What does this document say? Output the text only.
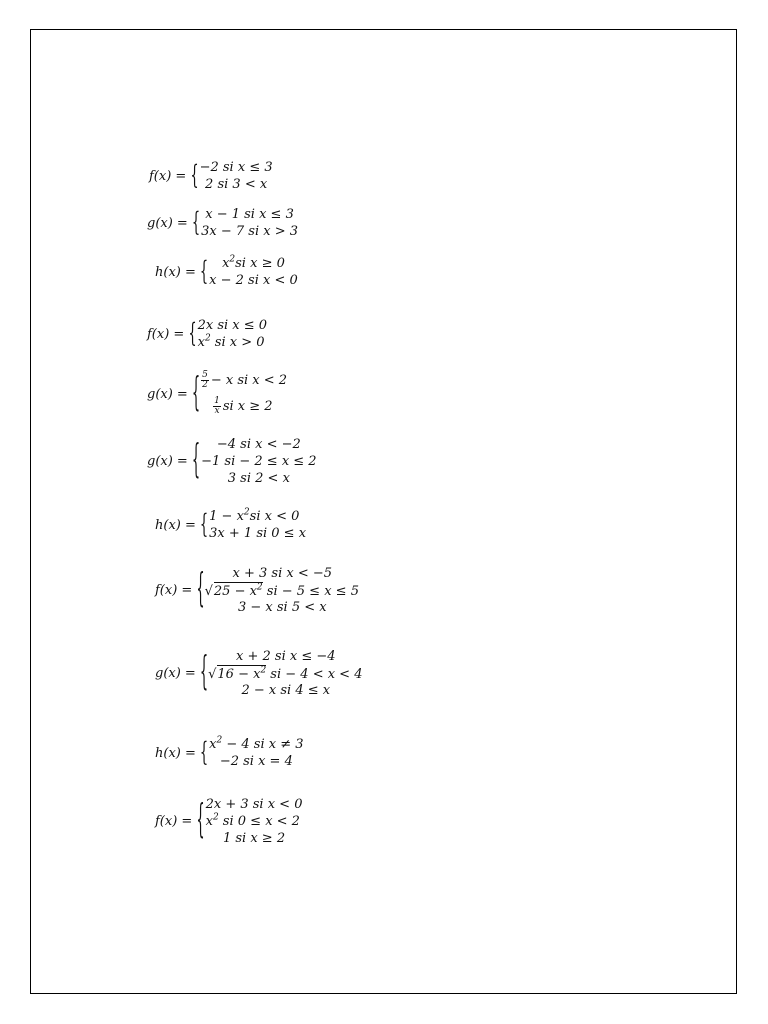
f(x) = { −2 si x ≤ 3
2 si 3 < x
g(x) = { x − 1 si x ≤ 3
3x − 7 si x > 3
h(x) = {	$x^2si$ x ≥ 0
x − 2 si x < 0
f(x) = { 2x si x ≤ 0
$x^2$ si x > 0
g(x) = { $\frac{5}{2} - x$ si x < 2
$\frac{1}{x}$ si x ≥ 2
g(x) = {	−4 si x < −2
−1 si − 2 ≤ x ≤ 2
3 si 2 < x
h(x) = { $1 - x^2si$ x < 0
3x + 1 si 0 ≤ x
f(x) = {	x + 3 si x < −5
$√25 - x^2$ si − 5 ≤ x ≤ 5
3 − x si 5 < x
g(x) = {	x + 2 si x ≤ −4
$√16 - x^2$ si − 4 < x < 4
2 − x si 4 ≤ x
h(x) = { $x^2 - 4$ si x ≠ 3
−2 si x = 4
f(x) = { 2x + 3 si x < 0
$x^2$ si 0 ≤ x < 2
1 si x ≥ 2
